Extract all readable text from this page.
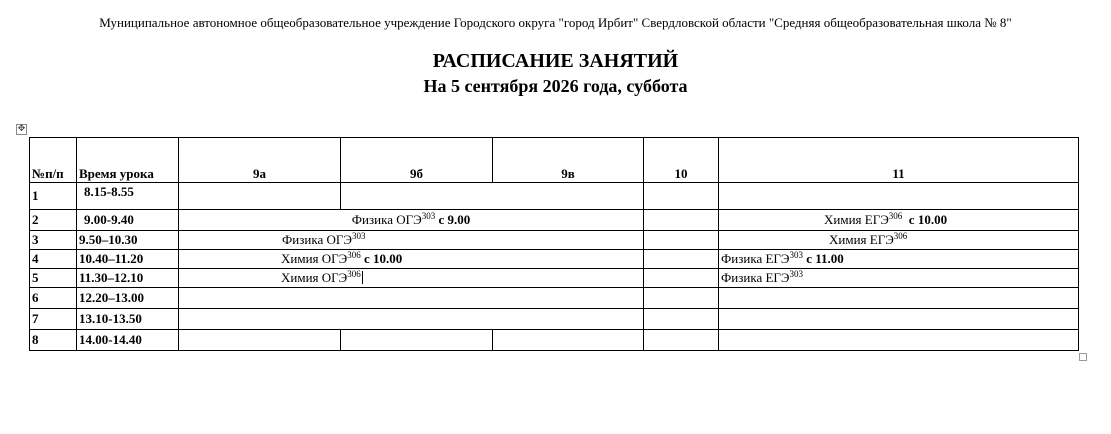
Муниципальное автономное общеобразовательное учреждение Городского округа "город Ирбит" Свердловской области "Средняя общеобразовательная школа № 8"
РАСПИСАНИЕ ЗАНЯТИЙ
На 5 сентября 2026 года, суббота
✥
№п/п	Время урока	9а	9б	9в	10	11
1	8.15-8.55					
2	9.00-9.40	Физика ОГЭ$^{303}$ с 9.00				Химия ЕГЭ$^{306}$  с 10.00
3	9.50–10.30	Физика ОГЭ$^{303}$				Химия ЕГЭ$^{306}$
4	10.40–11.20	Химия ОГЭ$^{306}$ с 10.00				Физика ЕГЭ$^{303}$ с 11.00
5	11.30–12.10	Химия ОГЭ$^{306}$				Физика ЕГЭ$^{303}$
6	12.20–13.00					
7	13.10-13.50					
8	14.00-14.40					
